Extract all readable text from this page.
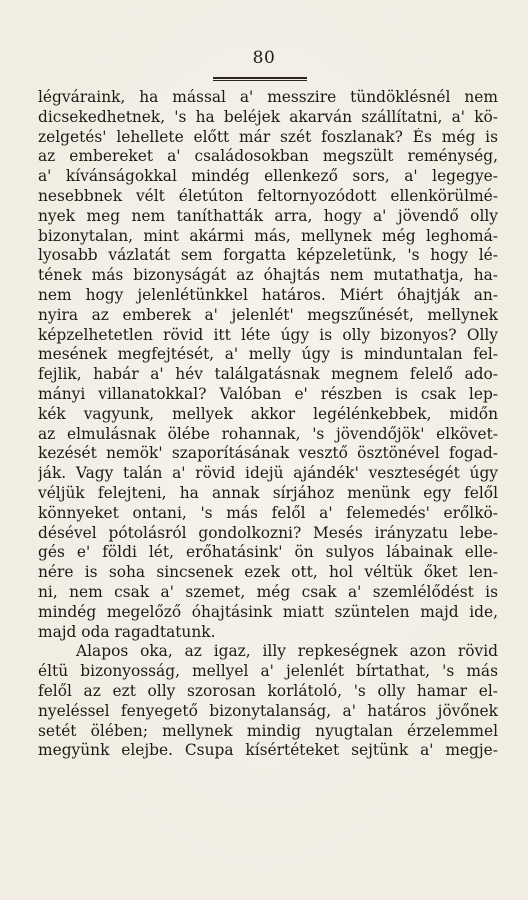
80

légváraink, ha mással a' messzire tündöklésnél nem
dicsekedhetnek, 's ha beléjek akarván szállítatni, a' kö-
zelgetés' lehellete előtt már szét foszlanak? És még is
az embereket a' családosokban megszült reménység,
a' kívánságokkal mindég ellenkező sors, a' legegye-
nesebbnek vélt életúton feltornyozódott ellenkörülmé-
nyek meg nem taníthatták arra, hogy a' jövendő olly
bizonytalan, mint akármi más, mellynek még leghomá-
lyosabb vázlatát sem forgatta képzeletünk, 's hogy lé-
tének más bizonyságát az óhajtás nem mutathatja, ha-
nem hogy jelenlétünkkel határos. Miért óhajtják an-
nyira az emberek a' jelenlét' megszűnését, mellynek
képzelhetetlen rövid itt léte úgy is olly bizonyos? Olly
mesének megfejtését, a' melly úgy is minduntalan fel-
fejlik, habár a' hév találgatásnak megnem felelő ado-
mányi villanatokkal? Valóban e' részben is csak lep-
kék vagyunk, mellyek akkor legélénkebbek, midőn
az elmulásnak ölébe rohannak, 's jövendőjök' elkövet-
kezését nemök' szaporításának vesztő ösztönével fogad-
ják. Vagy talán a' rövid idejü ajándék' veszteségét úgy
véljük felejteni, ha annak sírjához menünk egy felől
könnyeket ontani, 's más felől a' felemedés' erőlkö-
désével pótolásról gondolkozni? Mesés irányzatu lebe-
gés e' földi lét, erőhatásink' ön sulyos lábainak elle-
nére is soha sincsenek ezek ott, hol véltük őket len-
ni, nem csak a' szemet, még csak a' szemlélődést is
mindég megelőző óhajtásink miatt szüntelen majd ide,
majd oda ragadtatunk.

Alapos oka, az igaz, illy repkeségnek azon rövid
éltü bizonyosság, mellyel a' jelenlét bírtathat, 's más
felől az ezt olly szorosan korlátoló, 's olly hamar el-
nyeléssel fenyegető bizonytalanság, a' határos jövőnek
setét ölében; mellynek mindig nyugtalan érzelemmel
megyünk elejbe. Csupa kísértéteket sejtünk a' megje-
